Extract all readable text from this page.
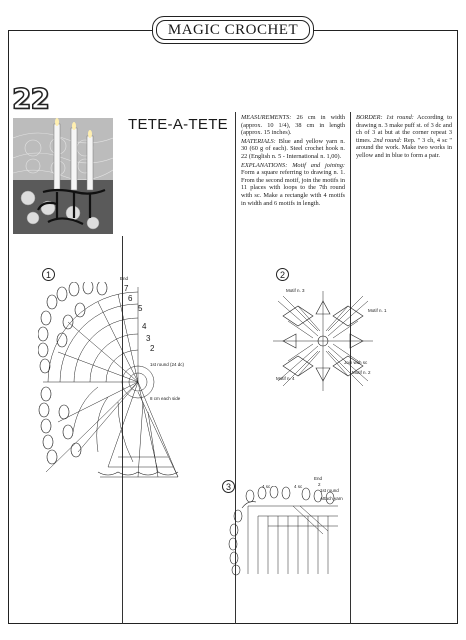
MAGIC CROCHET
22
TETE-A-TETE MEASUREMENTS: 26 cm in width (approx. 10 1/4), 38 cm in length (approx. 15 inches).

MATERIALS: Blue and yellow yarn n. 30 (60 g of each). Steel crochet hook n. 22 (English n. 5 - International n. 1,00).

EXPLANATIONS: Motif and joining: Form a square referring to drawing n. 1. From the second motif, join the motifs in 11 places with loops to the 7th round with sc. Make a rectangle with 4 motifs in width and 6 motifs in length.

BORDER: 1st round: According to drawing n. 3 make puff st. of 3 dc and ch of 3 at but at the corner repeat 3 times. 2nd round: Rep. " 3 ch, 4 sc " around the work. Make two works in yellow and in blue to form a pair.

1	End
7
6
5
4
3
2
1st round (24 dc)
8 cm each side
2
Motif n. 3
Motif n. 1
Join with sc
Motif n. 4
Motif n. 2
3	4 sc	4 sc
End
2
1st round
Attach yarn
